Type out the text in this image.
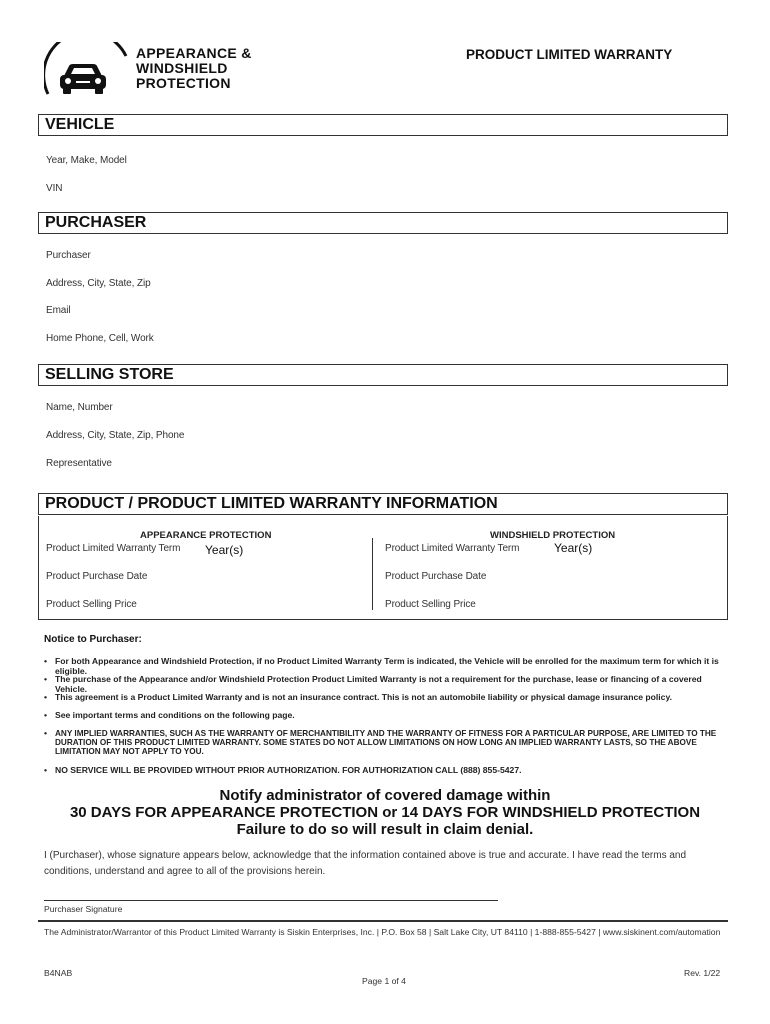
APPEARANCE &
WINDSHIELD
PROTECTION
PRODUCT LIMITED WARRANTY
VEHICLE
Year, Make, Model
VIN
PURCHASER
Purchaser
Address, City, State, Zip
Email
Home Phone, Cell, Work
SELLING STORE
Name, Number
Address, City, State, Zip, Phone
Representative
PRODUCT / PRODUCT LIMITED WARRANTY INFORMATION
APPEARANCE PROTECTION
Product Limited Warranty Term Year(s)
Product Purchase Date
Product Selling Price
WINDSHIELD PROTECTION
Product Limited Warranty Term	Year(s)
Product Purchase Date
Product Selling Price
Notice to Purchaser:
• For both Appearance and Windshield Protection, if no Product Limited Warranty Term is indicated, the Vehicle will be enrolled for the maximum term for which it is eligible.
• The purchase of the Appearance and/or Windshield Protection Product Limited Warranty is not a requirement for the purchase, lease or financing of a covered Vehicle.
• This agreement is a Product Limited Warranty and is not an insurance contract. This is not an automobile liability or physical damage insurance policy.
• See important terms and conditions on the following page.
• ANY IMPLIED WARRANTIES, SUCH AS THE WARRANTY OF MERCHANTIBILITY AND THE WARRANTY OF FITNESS FOR A PARTICULAR PURPOSE, ARE LIMITED TO THE DURATION OF THIS PRODUCT LIMITED WARRANTY. SOME STATES DO NOT ALLOW LIMITATIONS ON HOW LONG AN IMPLIED WARRANTY LASTS, SO THE ABOVE LIMITATION MAY NOT APPLY TO YOU.
• NO SERVICE WILL BE PROVIDED WITHOUT PRIOR AUTHORIZATION. FOR AUTHORIZATION CALL (888) 855-5427.
Notify administrator of covered damage within
30 DAYS FOR APPEARANCE PROTECTION or 14 DAYS FOR WINDSHIELD PROTECTION
Failure to do so will result in claim denial.
I (Purchaser), whose signature appears below, acknowledge that the information contained above is true and accurate. I have read the terms and conditions, understand and agree to all of the provisions herein.
Purchaser Signature
The Administrator/Warrantor of this Product Limited Warranty is Siskin Enterprises, Inc. | P.O. Box 58 | Salt Lake City, UT 84110 | 1-888-855-5427 | www.siskinent.com/automation
B4NAB
Page 1 of 4
Rev. 1/22
